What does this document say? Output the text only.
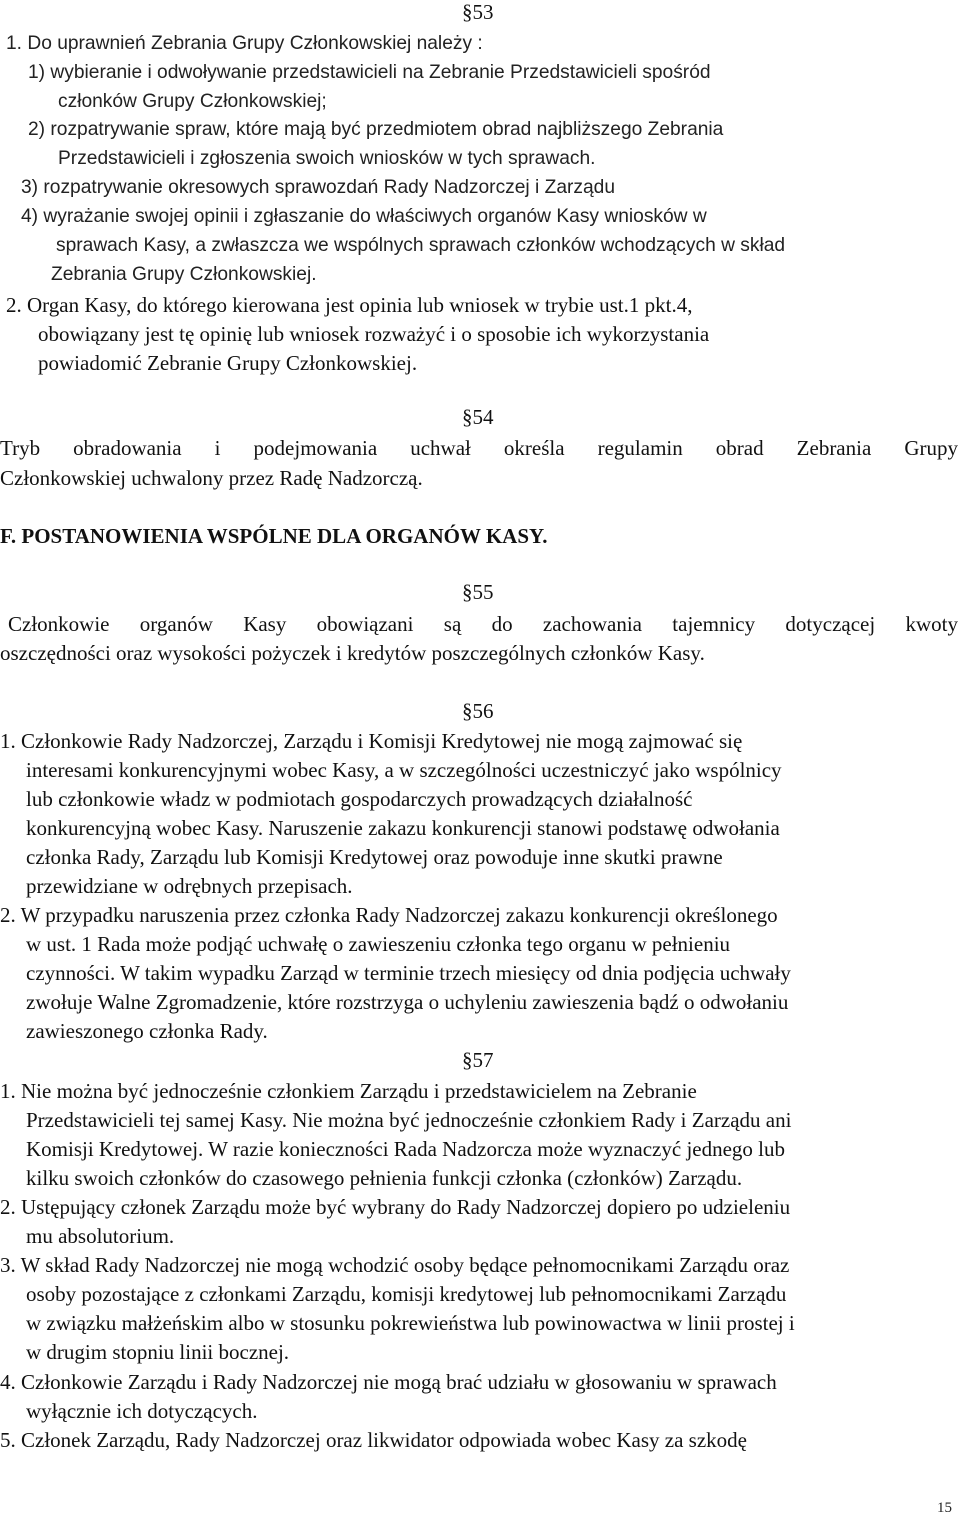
§53

1. Do uprawnień Zebrania Grupy Członkowskiej należy :

1) wybieranie i odwoływanie przedstawicieli na Zebranie Przedstawicieli spośród

członków Grupy Członkowskiej;

2) rozpatrywanie spraw, które mają być przedmiotem obrad najbliższego Zebrania

Przedstawicieli i zgłoszenia swoich wniosków w tych sprawach.

3) rozpatrywanie okresowych sprawozdań Rady Nadzorczej i Zarządu

4) wyrażanie swojej opinii i zgłaszanie do właściwych organów Kasy wniosków w

sprawach Kasy, a zwłaszcza we wspólnych sprawach członków wchodzących w skład

Zebrania Grupy Członkowskiej.

2. Organ Kasy, do którego kierowana jest opinia lub wniosek w trybie ust.1 pkt.4,

obowiązany jest tę opinię lub wniosek rozważyć i o sposobie ich wykorzystania

powiadomić Zebranie Grupy Członkowskiej.

§54

Tryb obradowania i podejmowania uchwał określa regulamin obrad Zebrania Grupy

Członkowskiej uchwalony przez Radę Nadzorczą.

F. POSTANOWIENIA WSPÓLNE DLA ORGANÓW KASY.

§55

Członkowie organów Kasy obowiązani są do zachowania tajemnicy dotyczącej kwoty

oszczędności oraz wysokości pożyczek i kredytów poszczególnych członków Kasy.

§56

1. Członkowie Rady Nadzorczej, Zarządu i Komisji Kredytowej nie mogą zajmować się

interesami konkurencyjnymi wobec Kasy, a w szczególności uczestniczyć jako wspólnicy

lub członkowie władz w podmiotach gospodarczych prowadzących działalność

konkurencyjną wobec Kasy. Naruszenie zakazu konkurencji stanowi podstawę odwołania

członka Rady, Zarządu lub Komisji Kredytowej oraz powoduje inne skutki prawne

przewidziane w odrębnych przepisach.

2. W przypadku naruszenia przez członka Rady Nadzorczej zakazu konkurencji określonego

w ust. 1 Rada może podjąć uchwałę o zawieszeniu członka tego organu w pełnieniu

czynności. W takim wypadku Zarząd w terminie trzech miesięcy od dnia podjęcia uchwały

zwołuje Walne Zgromadzenie, które rozstrzyga o uchyleniu zawieszenia bądź o odwołaniu

zawieszonego członka Rady.

§57

1. Nie można być jednocześnie członkiem Zarządu i przedstawicielem na Zebranie

Przedstawicieli tej samej Kasy. Nie można być jednocześnie członkiem Rady i Zarządu ani

Komisji Kredytowej. W razie konieczności Rada Nadzorcza może wyznaczyć jednego lub

kilku swoich członków do czasowego pełnienia funkcji członka (członków) Zarządu.

2. Ustępujący członek Zarządu może być wybrany do Rady Nadzorczej dopiero po udzieleniu

mu absolutorium.

3. W skład Rady Nadzorczej nie mogą wchodzić osoby będące pełnomocnikami Zarządu oraz

osoby pozostające z członkami Zarządu, komisji kredytowej lub pełnomocnikami Zarządu

w związku małżeńskim albo w stosunku pokrewieństwa lub powinowactwa w linii prostej i

w drugim stopniu linii bocznej.

4. Członkowie Zarządu i Rady Nadzorczej nie mogą brać udziału w głosowaniu w sprawach

wyłącznie ich dotyczących.

5. Członek Zarządu, Rady Nadzorczej oraz likwidator odpowiada wobec Kasy za szkodę

15
